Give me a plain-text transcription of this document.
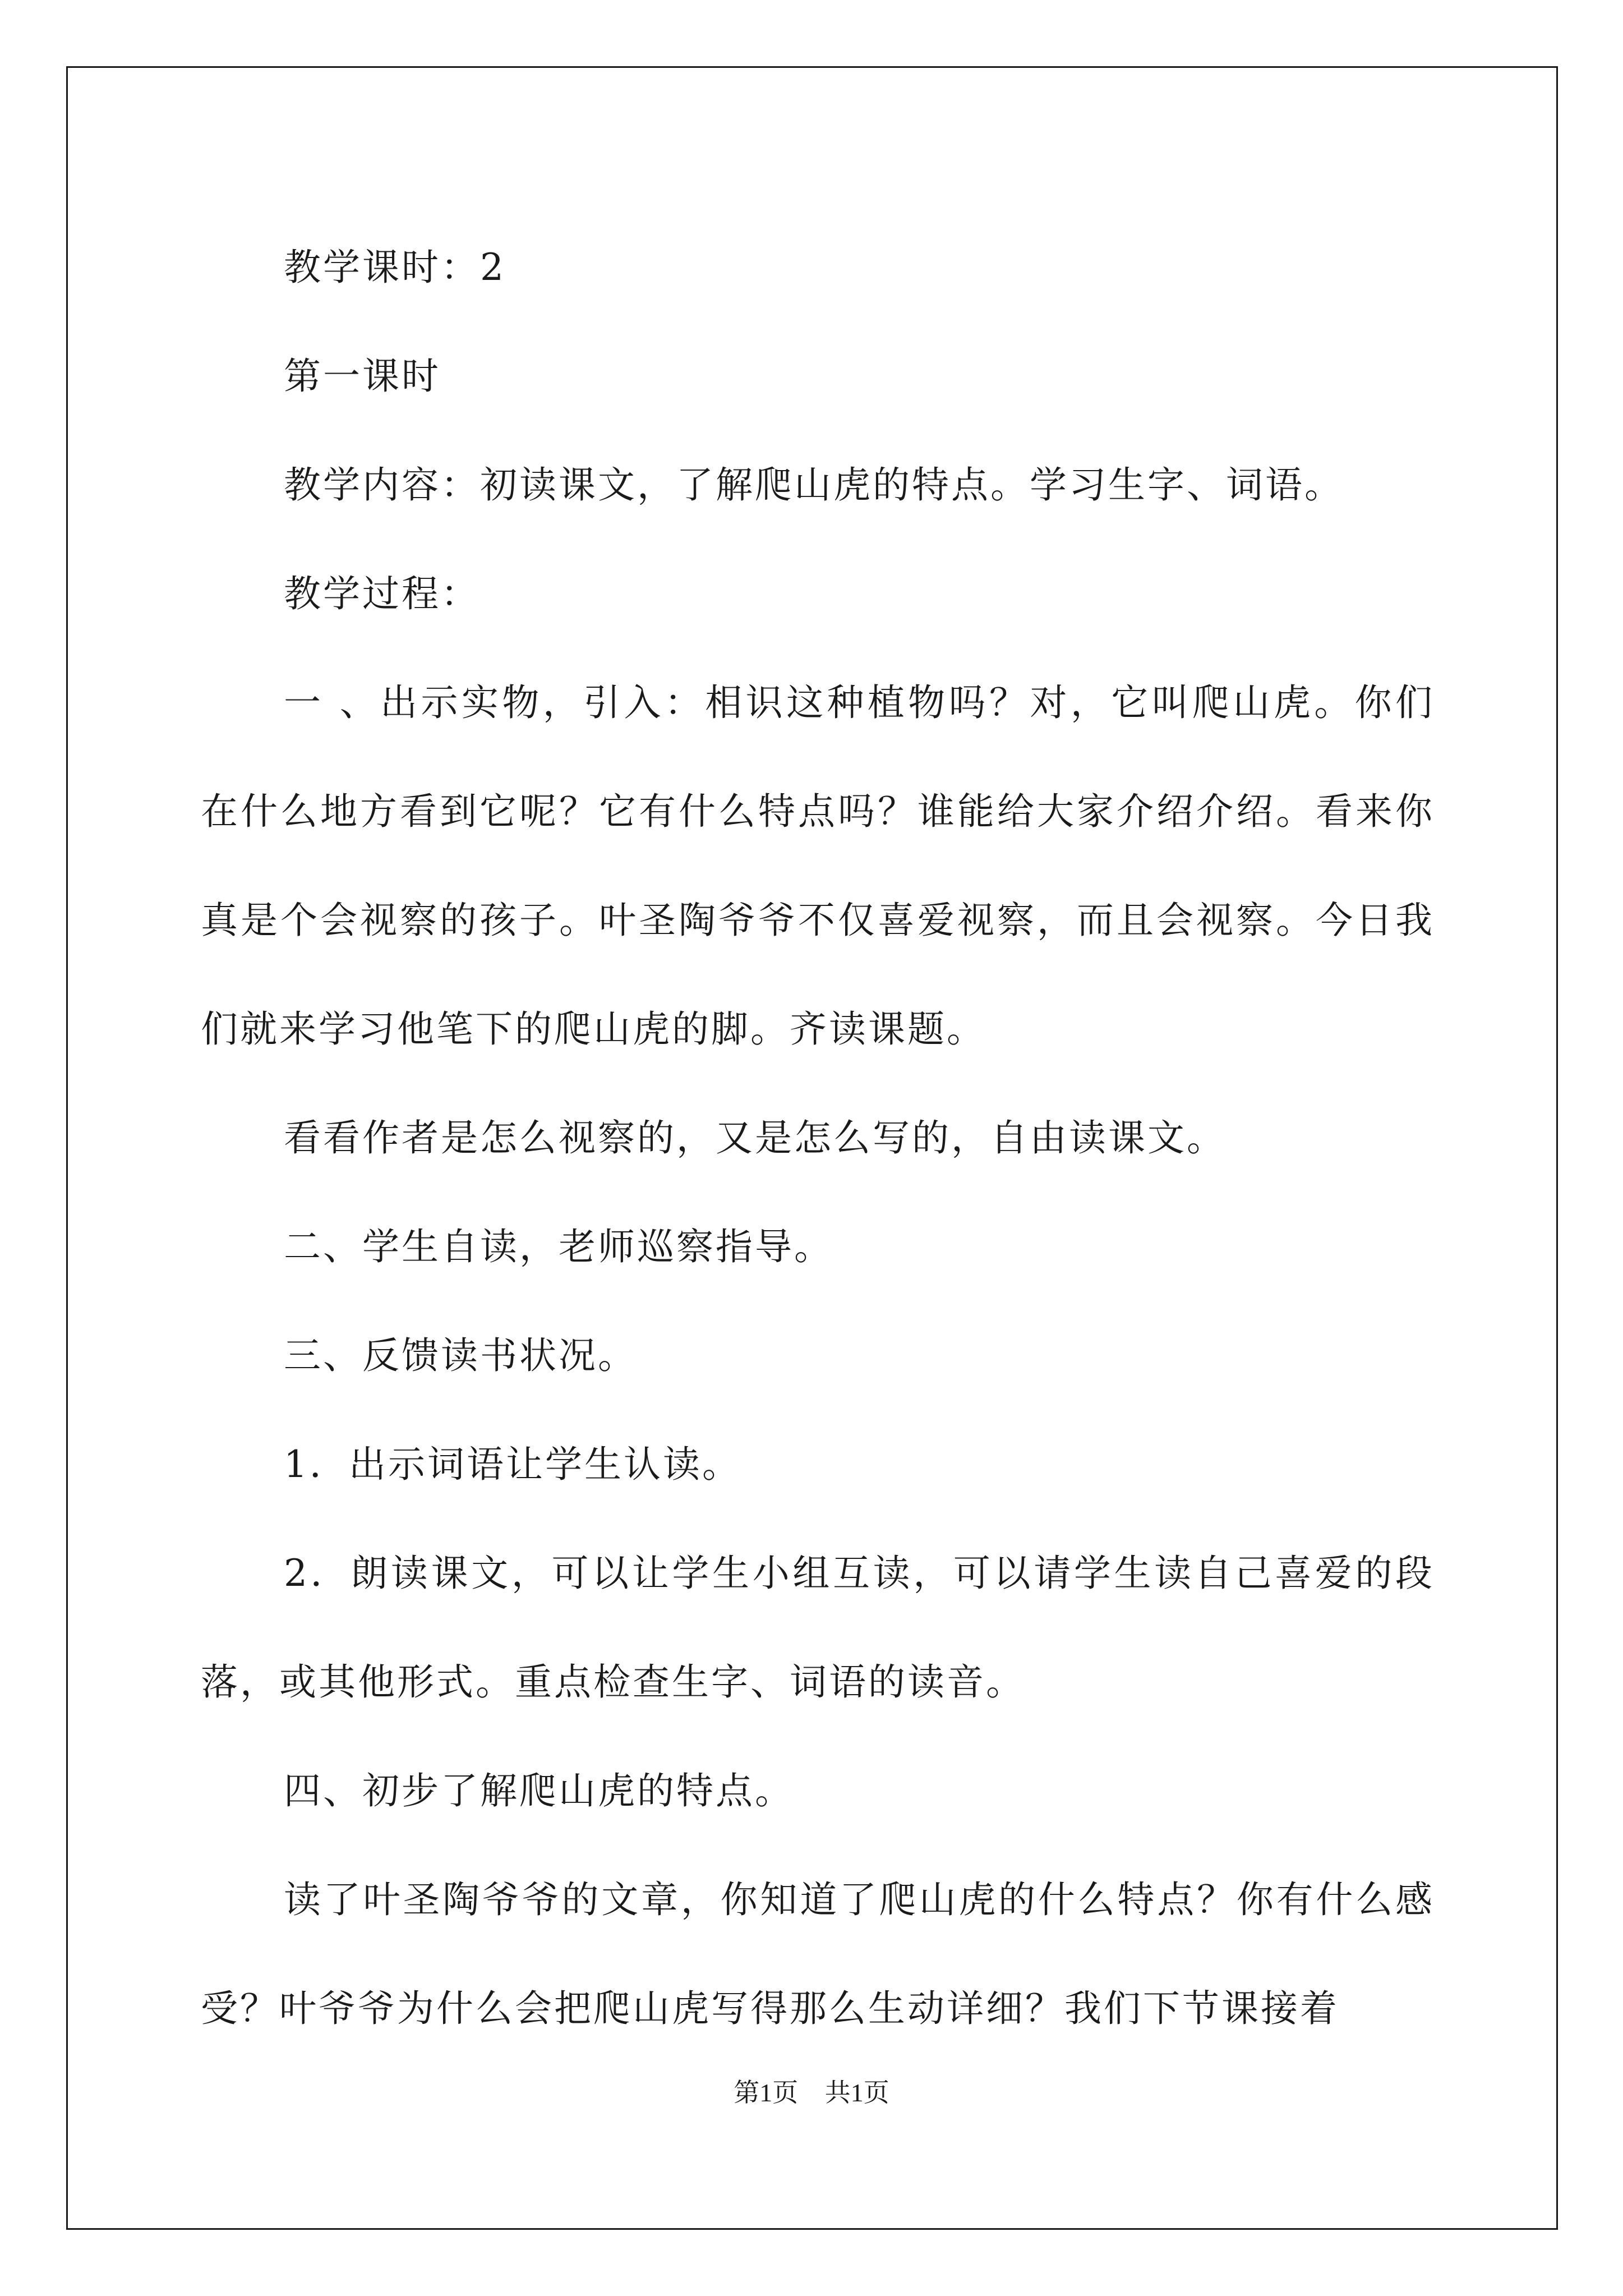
教学课时：2

第一课时

教学内容：初读课文，了解爬山虎的特点。学习生字、词语。

教学过程：

一 、出示实物，引入：相识这种植物吗？对，它叫爬山虎。你们在什么地方看到它呢？它有什么特点吗？谁能给大家介绍介绍。看来你真是个会视察的孩子。叶圣陶爷爷不仅喜爱视察，而且会视察。今日我们就来学习他笔下的爬山虎的脚。齐读课题。

看看作者是怎么视察的，又是怎么写的，自由读课文。

二、学生自读，老师巡察指导。

三、反馈读书状况。

1．出示词语让学生认读。

2．朗读课文，可以让学生小组互读，可以请学生读自己喜爱的段落，或其他形式。重点检查生字、词语的读音。

四、初步了解爬山虎的特点。

读了叶圣陶爷爷的文章，你知道了爬山虎的什么特点？你有什么感受？叶爷爷为什么会把爬山虎写得那么生动详细？我们下节课接着

第1页 共1页
